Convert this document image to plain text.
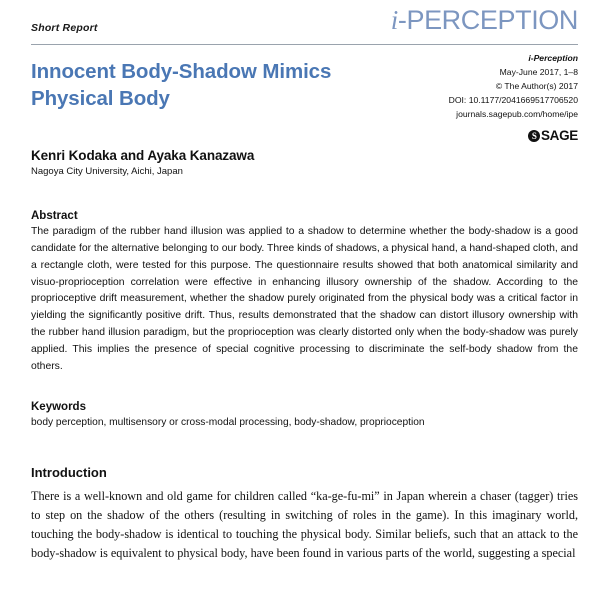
Short Report	i-PERCEPTION
Innocent Body-Shadow Mimics Physical Body
i-Perception
May-June 2017, 1–8
© The Author(s) 2017
DOI: 10.1177/2041669517706520
journals.sagepub.com/home/ipe
S SAGE
Kenri Kodaka and Ayaka Kanazawa
Nagoya City University, Aichi, Japan
Abstract
The paradigm of the rubber hand illusion was applied to a shadow to determine whether the body-shadow is a good candidate for the alternative belonging to our body. Three kinds of shadows, a physical hand, a hand-shaped cloth, and a rectangle cloth, were tested for this purpose. The questionnaire results showed that both anatomical similarity and visuo-proprioception correlation were effective in enhancing illusory ownership of the shadow. According to the proprioceptive drift measurement, whether the shadow purely originated from the physical body was a critical factor in yielding the significantly positive drift. Thus, results demonstrated that the shadow can distort illusory ownership with the rubber hand illusion paradigm, but the proprioception was clearly distorted only when the body-shadow was purely applied. This implies the presence of special cognitive processing to discriminate the self-body shadow from the others.
Keywords
body perception, multisensory or cross-modal processing, body-shadow, proprioception
Introduction
There is a well-known and old game for children called “ka-ge-fu-mi” in Japan wherein a chaser (tagger) tries to step on the shadow of the others (resulting in switching of roles in the game). In this imaginary world, touching the body-shadow is identical to touching the physical body. Similar beliefs, such that an attack to the body-shadow is equivalent to physical body, have been found in various parts of the world, suggesting a special
